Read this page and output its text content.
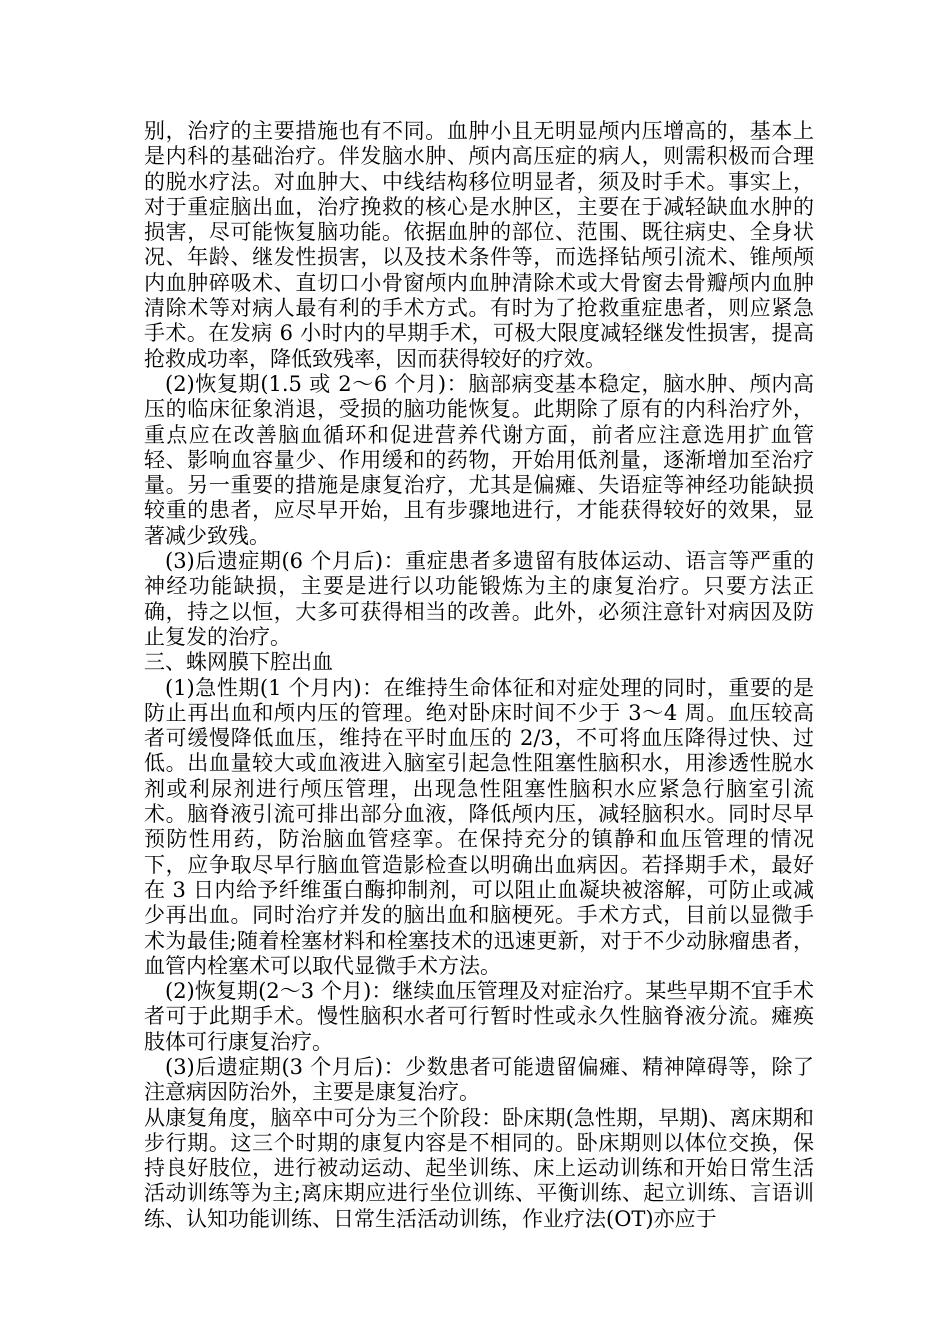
别，治疗的主要措施也有不同。血肿小且无明显颅内压增高的，基本上是内科的基础治疗。伴发脑水肿、颅内高压症的病人，则需积极而合理的脱水疗法。对血肿大、中线结构移位明显者，须及时手术。事实上，对于重症脑出血，治疗挽救的核心是水肿区，主要在于减轻缺血水肿的损害，尽可能恢复脑功能。依据血肿的部位、范围、既往病史、全身状况、年龄、继发性损害，以及技术条件等，而选择钻颅引流术、锥颅颅内血肿碎吸术、直切口小骨窗颅内血肿清除术或大骨窗去骨瓣颅内血肿清除术等对病人最有利的手术方式。有时为了抢救重症患者，则应紧急手术。在发病 6 小时内的早期手术，可极大限度减轻继发性损害，提高抢救成功率，降低致残率，因而获得较好的疗效。

(2)恢复期(1.5 或 2～6 个月)：脑部病变基本稳定，脑水肿、颅内高压的临床征象消退，受损的脑功能恢复。此期除了原有的内科治疗外，重点应在改善脑血循环和促进营养代谢方面，前者应注意选用扩血管轻、影响血容量少、作用缓和的药物，开始用低剂量，逐渐增加至治疗量。另一重要的措施是康复治疗，尤其是偏瘫、失语症等神经功能缺损较重的患者，应尽早开始，且有步骤地进行，才能获得较好的效果，显著减少致残。

(3)后遗症期(6 个月后)：重症患者多遗留有肢体运动、语言等严重的神经功能缺损，主要是进行以功能锻炼为主的康复治疗。只要方法正确，持之以恒，大多可获得相当的改善。此外，必须注意针对病因及防止复发的治疗。

三、蛛网膜下腔出血

(1)急性期(1 个月内)：在维持生命体征和对症处理的同时，重要的是防止再出血和颅内压的管理。绝对卧床时间不少于 3～4 周。血压较高者可缓慢降低血压，维持在平时血压的 2/3，不可将血压降得过快、过低。出血量较大或血液进入脑室引起急性阻塞性脑积水，用渗透性脱水剂或利尿剂进行颅压管理，出现急性阻塞性脑积水应紧急行脑室引流术。脑脊液引流可排出部分血液，降低颅内压，减轻脑积水。同时尽早预防性用药，防治脑血管痉挛。在保持充分的镇静和血压管理的情况下，应争取尽早行脑血管造影检查以明确出血病因。若择期手术，最好在 3 日内给予纤维蛋白酶抑制剂，可以阻止血凝块被溶解，可防止或减少再出血。同时治疗并发的脑出血和脑梗死。手术方式，目前以显微手术为最佳;随着栓塞材料和栓塞技术的迅速更新，对于不少动脉瘤患者，血管内栓塞术可以取代显微手术方法。

(2)恢复期(2～3 个月)：继续血压管理及对症治疗。某些早期不宜手术者可于此期手术。慢性脑积水者可行暂时性或永久性脑脊液分流。瘫痪肢体可行康复治疗。

(3)后遗症期(3 个月后)：少数患者可能遗留偏瘫、精神障碍等，除了注意病因防治外，主要是康复治疗。

从康复角度，脑卒中可分为三个阶段：卧床期(急性期，早期)、离床期和步行期。这三个时期的康复内容是不相同的。卧床期则以体位交换，保持良好肢位，进行被动运动、起坐训练、床上运动训练和开始日常生活活动训练等为主;离床期应进行坐位训练、平衡训练、起立训练、言语训练、认知功能训练、日常生活活动训练，作业疗法(OT)亦应于
